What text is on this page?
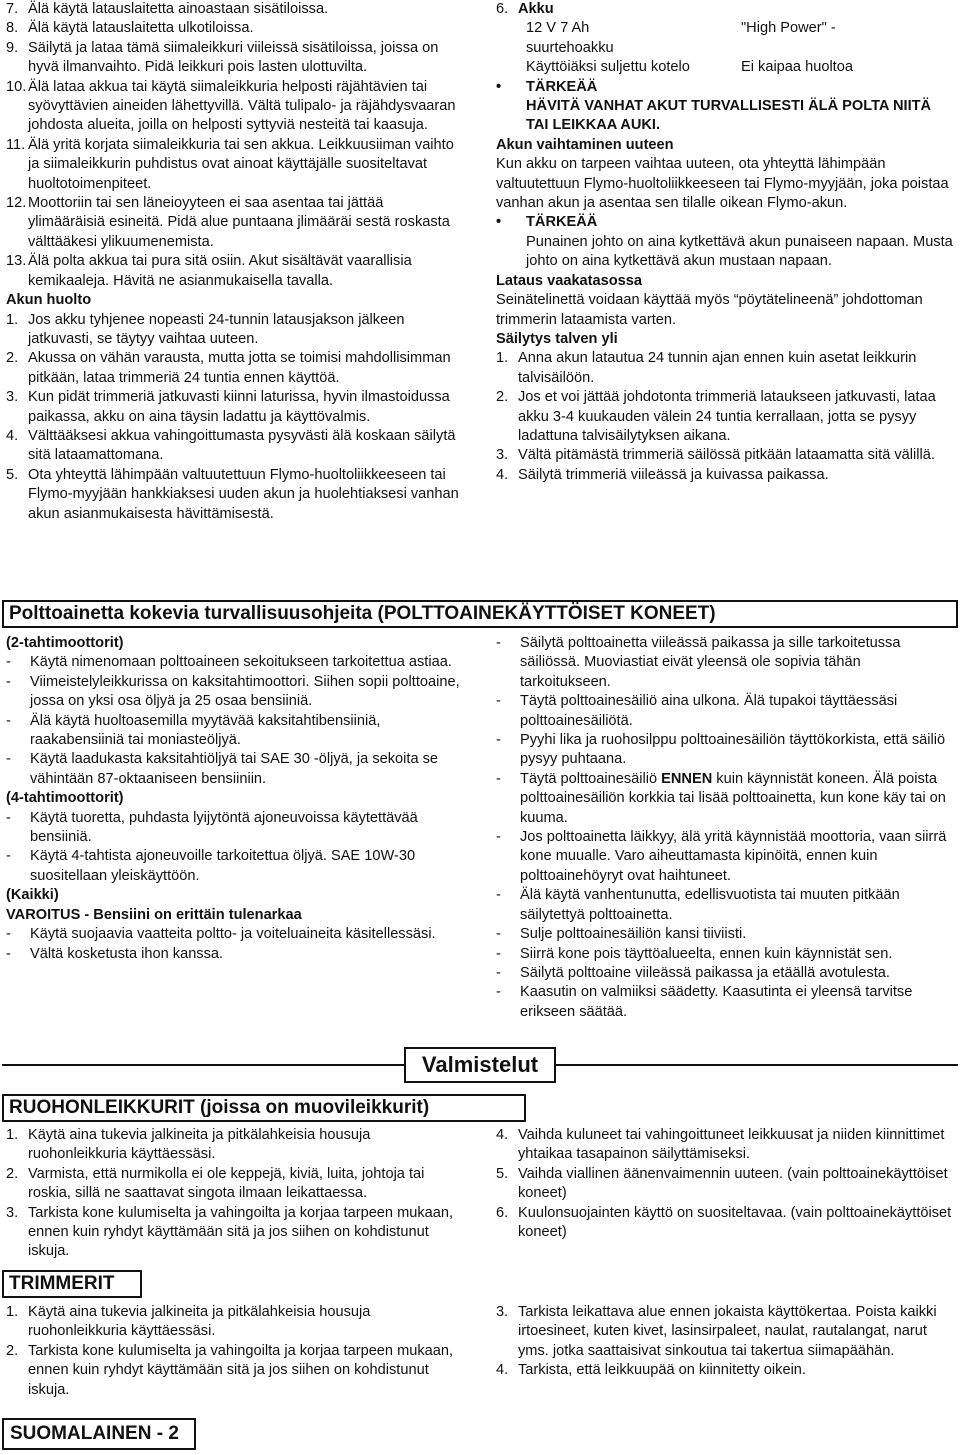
7. Älä käytä latauslaitetta ainoastaan sisätiloissa.
8. Älä käytä latauslaitetta ulkotiloissa.
9. Säilytä ja lataa tämä siimaleikkuri viileissä sisätiloissa, joissa on hyvä ilmanvaihto. Pidä leikkuri pois lasten ulottuvilta.
10. Älä lataa akkua tai käytä siimaleikkuria helposti räjähtävien tai syövyttävien aineiden lähettyvillä. Vältä tulipalo- ja räjähdysvaaran johdosta alueita, joilla on helposti syttyviä nesteitä tai kaasuja.
11. Älä yritä korjata siimaleikkuria tai sen akkua. Leikkuusiiman vaihto ja siimaleikkurin puhdistus ovat ainoat käyttäjälle suositeltavat huoltotoimenpiteet.
12. Moottoriin tai sen läneioyyteen ei saa asentaa tai jättää ylimääräisiä esineitä. Pidä alue puntaana jlimääräi sestä roskasta välttääkesi ylikuumenemista.
13. Älä polta akkua tai pura sitä osiin. Akut sisältävät vaarallisia kemikaaleja. Hävitä ne asianmukaisella tavalla.

Akun huolto

1. Jos akku tyhjenee nopeasti 24-tunnin latausjakson jälkeen jatkuvasti, se täytyy vaihtaa uuteen.
2. Akussa on vähän varausta, mutta jotta se toimisi mahdollisimman pitkään, lataa trimmeriä 24 tuntia ennen käyttöä.
3. Kun pidät trimmeriä jatkuvasti kiinni laturissa, hyvin ilmastoidussa paikassa, akku on aina täysin ladattu ja käyttövalmis.
4. Välttääksesi akkua vahingoittumasta pysyvästi älä koskaan säilytä sitä lataamattomana.
5. Ota yhteyttä lähimpään valtuutettuun Flymo-huoltoliikkeeseen tai Flymo-myyjään hankkiaksesi uuden akun ja huolehtiaksesi vanhan akun asianmukaisesta hävittämisestä.
6. Akku
12 V 7 Ah	"High Power" -
suurtehoakku
Käyttöiäksi suljettu kotelo	Ei kaipaa huoltoa
•	TÄRKEÄÄ

HÄVITÄ VANHAT AKUT TURVALLISESTI ÄLÄ POLTA NIITÄ TAI LEIKKAA AUKI.

Akun vaihtaminen uuteen

Kun akku on tarpeen vaihtaa uuteen, ota yhteyttä lähimpään valtuutettuun Flymo-huoltoliikkeeseen tai Flymo-myyjään, joka poistaa vanhan akun ja asentaa sen tilalle oikean Flymo-akun.

•	TÄRKEÄÄ

Punainen johto on aina kytkettävä akun punaiseen napaan. Musta johto on aina kytkettävä akun mustaan napaan.

Lataus vaakatasossa

Seinätelinettä voidaan käyttää myös “pöytätelineenä” johdottoman trimmerin lataamista varten.

Säilytys talven yli

1. Anna akun latautua 24 tunnin ajan ennen kuin asetat leikkurin talvisäilöön.
2. Jos et voi jättää johdotonta trimmeriä lataukseen jatkuvasti, lataa akku 3-4 kuukauden välein 24 tuntia kerrallaan, jotta se pysyy ladattuna talvisäilytyksen aikana.
3. Vältä pitämästä trimmeriä säilössä pitkään lataamatta sitä välillä.
4. Säilytä trimmeriä viileässä ja kuivassa paikassa.
Polttoainetta kokevia turvallisuusohjeita (POLTTOAINEKÄYTTÖISET KONEET)

(2-tahtimoottorit)

-	Käytä nimenomaan polttoaineen sekoitukseen tarkoitettua astiaa.
-	Viimeistelyleikkurissa on kaksitahtimoottori. Siihen sopii polttoaine, jossa on yksi osa öljyä ja 25 osaa bensiiniä.
-	Älä käytä huoltoasemilla myytävää kaksitahtibensiiniä, raakabensiiniä tai moniasteöljyä.
-	Käytä laadukasta kaksitahtiöljyä tai SAE 30 -öljyä, ja sekoita se vähintään 87-oktaaniseen bensiiniin.

(4-tahtimoottorit)

-	Käytä tuoretta, puhdasta lyijytöntä ajoneuvoissa käytettävää bensiiniä.
-	Käytä 4-tahtista ajoneuvoille tarkoitettua öljyä. SAE 10W-30 suositellaan yleiskäyttöön.

(Kaikki)

VAROITUS - Bensiini on erittäin tulenarkaa

-	Käytä suojaavia vaatteita poltto- ja voiteluaineita käsitellessäsi.
-	Vältä kosketusta ihon kanssa.
-	Säilytä polttoainetta viileässä paikassa ja sille tarkoitetussa säiliössä. Muoviastiat eivät yleensä ole sopivia tähän tarkoitukseen.
-	Täytä polttoainesäiliö aina ulkona. Älä tupakoi täyttäessäsi polttoainesäiliötä.
-	Pyyhi lika ja ruohosilppu polttoainesäiliön täyttökorkista, että säiliö pysyy puhtaana.
-	Täytä polttoainesäiliö ENNEN kuin käynnistät koneen. Älä poista polttoainesäiliön korkkia tai lisää polttoainetta, kun kone käy tai on kuuma.
-	Jos polttoainetta läikkyy, älä yritä käynnistää moottoria, vaan siirrä kone muualle. Varo aiheuttamasta kipinöitä, ennen kuin polttoainehöyryt ovat haihtuneet.
-	Älä käytä vanhentunutta, edellisvuotista tai muuten pitkään säilytettyä polttoainetta.
-	Sulje polttoainesäiliön kansi tiiviisti.
-	Siirrä kone pois täyttöalueelta, ennen kuin käynnistät sen.
-	Säilytä polttoaine viileässä paikassa ja etäällä avotulesta.
-	Kaasutin on valmiiksi säädetty. Kaasutinta ei yleensä tarvitse erikseen säätää.
Valmistelut
RUOHONLEIKKURIT (joissa on muovileikkurit)
1. Käytä aina tukevia jalkineita ja pitkälahkeisia housuja ruohonleikkuria käyttäessäsi.
2. Varmista, että nurmikolla ei ole keppejä, kiviä, luita, johtoja tai roskia, sillä ne saattavat singota ilmaan leikattaessa.
3. Tarkista kone kulumiselta ja vahingoilta ja korjaa tarpeen mukaan, ennen kuin ryhdyt käyttämään sitä ja jos siihen on kohdistunut iskuja.
4. Vaihda kuluneet tai vahingoittuneet leikkuusat ja niiden kiinnittimet yhtaikaa tasapainon säilyttämiseksi.
5. Vaihda viallinen äänenvaimennin uuteen. (vain polttoainekäyttöiset koneet)
6. Kuulonsuojainten käyttö on suositeltavaa. (vain polttoainekäyttöiset koneet)
TRIMMERIT
1. Käytä aina tukevia jalkineita ja pitkälahkeisia housuja ruohonleikkuria käyttäessäsi.
2. Tarkista kone kulumiselta ja vahingoilta ja korjaa tarpeen mukaan, ennen kuin ryhdyt käyttämään sitä ja jos siihen on kohdistunut iskuja.
3. Tarkista leikattava alue ennen jokaista käyttökertaa. Poista kaikki irtoesineet, kuten kivet, lasinsirpaleet, naulat, rautalangat, narut yms. jotka saattaisivat sinkoutua tai takertua siimapäähän.
4. Tarkista, että leikkuupää on kiinnitetty oikein.
SUOMALAINEN - 2
